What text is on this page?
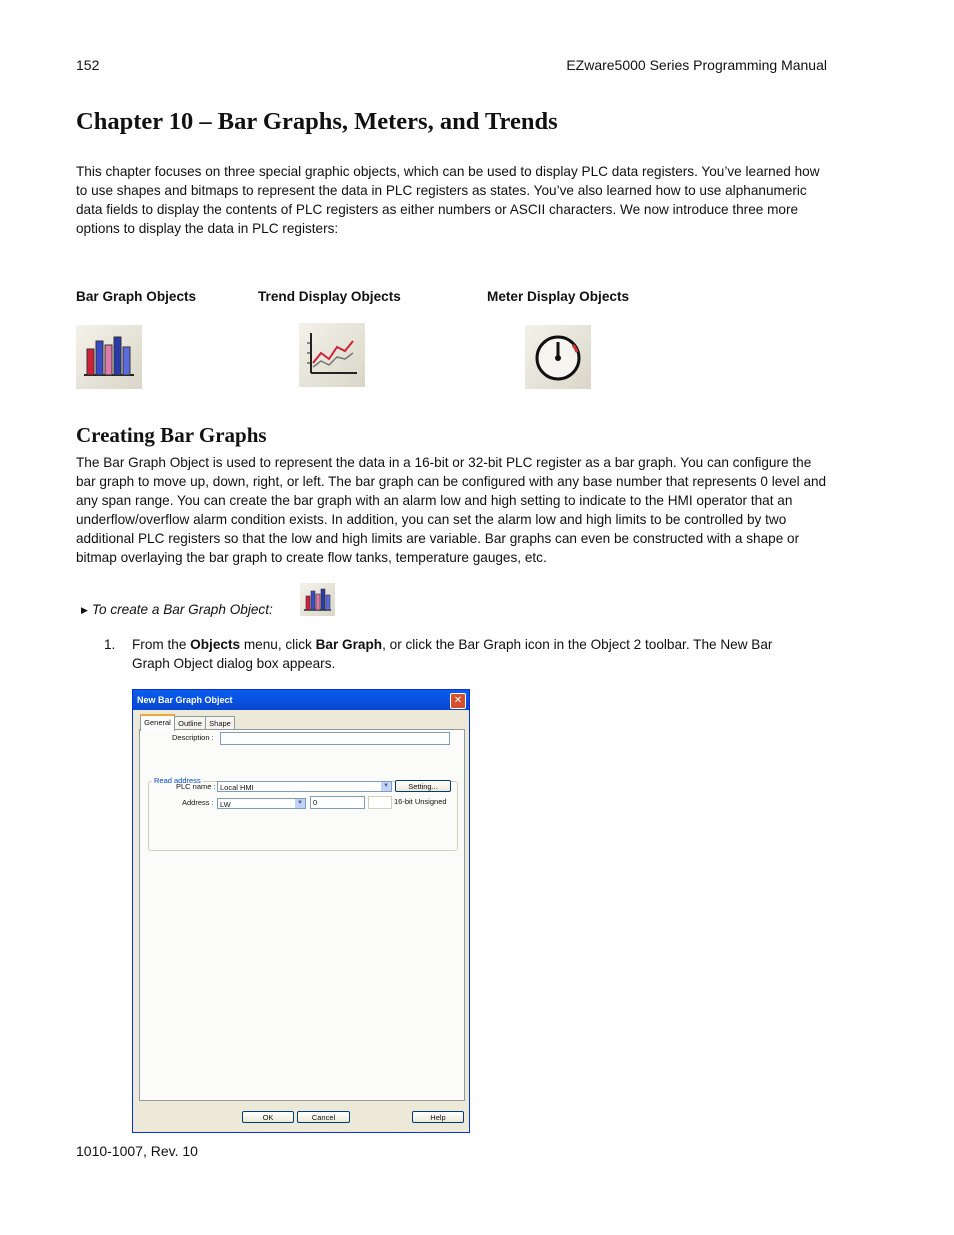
152	EZware5000 Series Programming Manual
Chapter 10 – Bar Graphs, Meters, and Trends
This chapter focuses on three special graphic objects, which can be used to display PLC data registers. You’ve learned how to use shapes and bitmaps to represent the data in PLC registers as states. You’ve also learned how to use alphanumeric data fields to display the contents of PLC registers as either numbers or ASCII characters. We now introduce three more options to display the data in PLC registers:
Bar Graph Objects	Trend Display Objects	Meter Display Objects
Creating Bar Graphs
The Bar Graph Object is used to represent the data in a 16-bit or 32-bit PLC register as a bar graph. You can configure the bar graph to move up, down, right, or left. The bar graph can be configured with any base number that represents 0 level and any span range. You can create the bar graph with an alarm low and high setting to indicate to the HMI operator that an underflow/overflow alarm condition exists. In addition, you can set the alarm low and high limits to be controlled by two additional PLC registers so that the low and high limits are variable. Bar graphs can even be constructed with a shape or bitmap overlaying the bar graph to create flow tanks, temperature gauges, etc.
▶ To create a Bar Graph Object:
1. From the Objects menu, click Bar Graph, or click the Bar Graph icon in the Object 2 toolbar. The New Bar Graph Object dialog box appears.
New Bar Graph Object	✕
Outline Shape
Description :
Read address
PLC name : Local HMI	▼	Setting...
Address : LW	▼	0	16-bit Unsigned
General
OK	Cancel	Help
1010-1007, Rev. 10
